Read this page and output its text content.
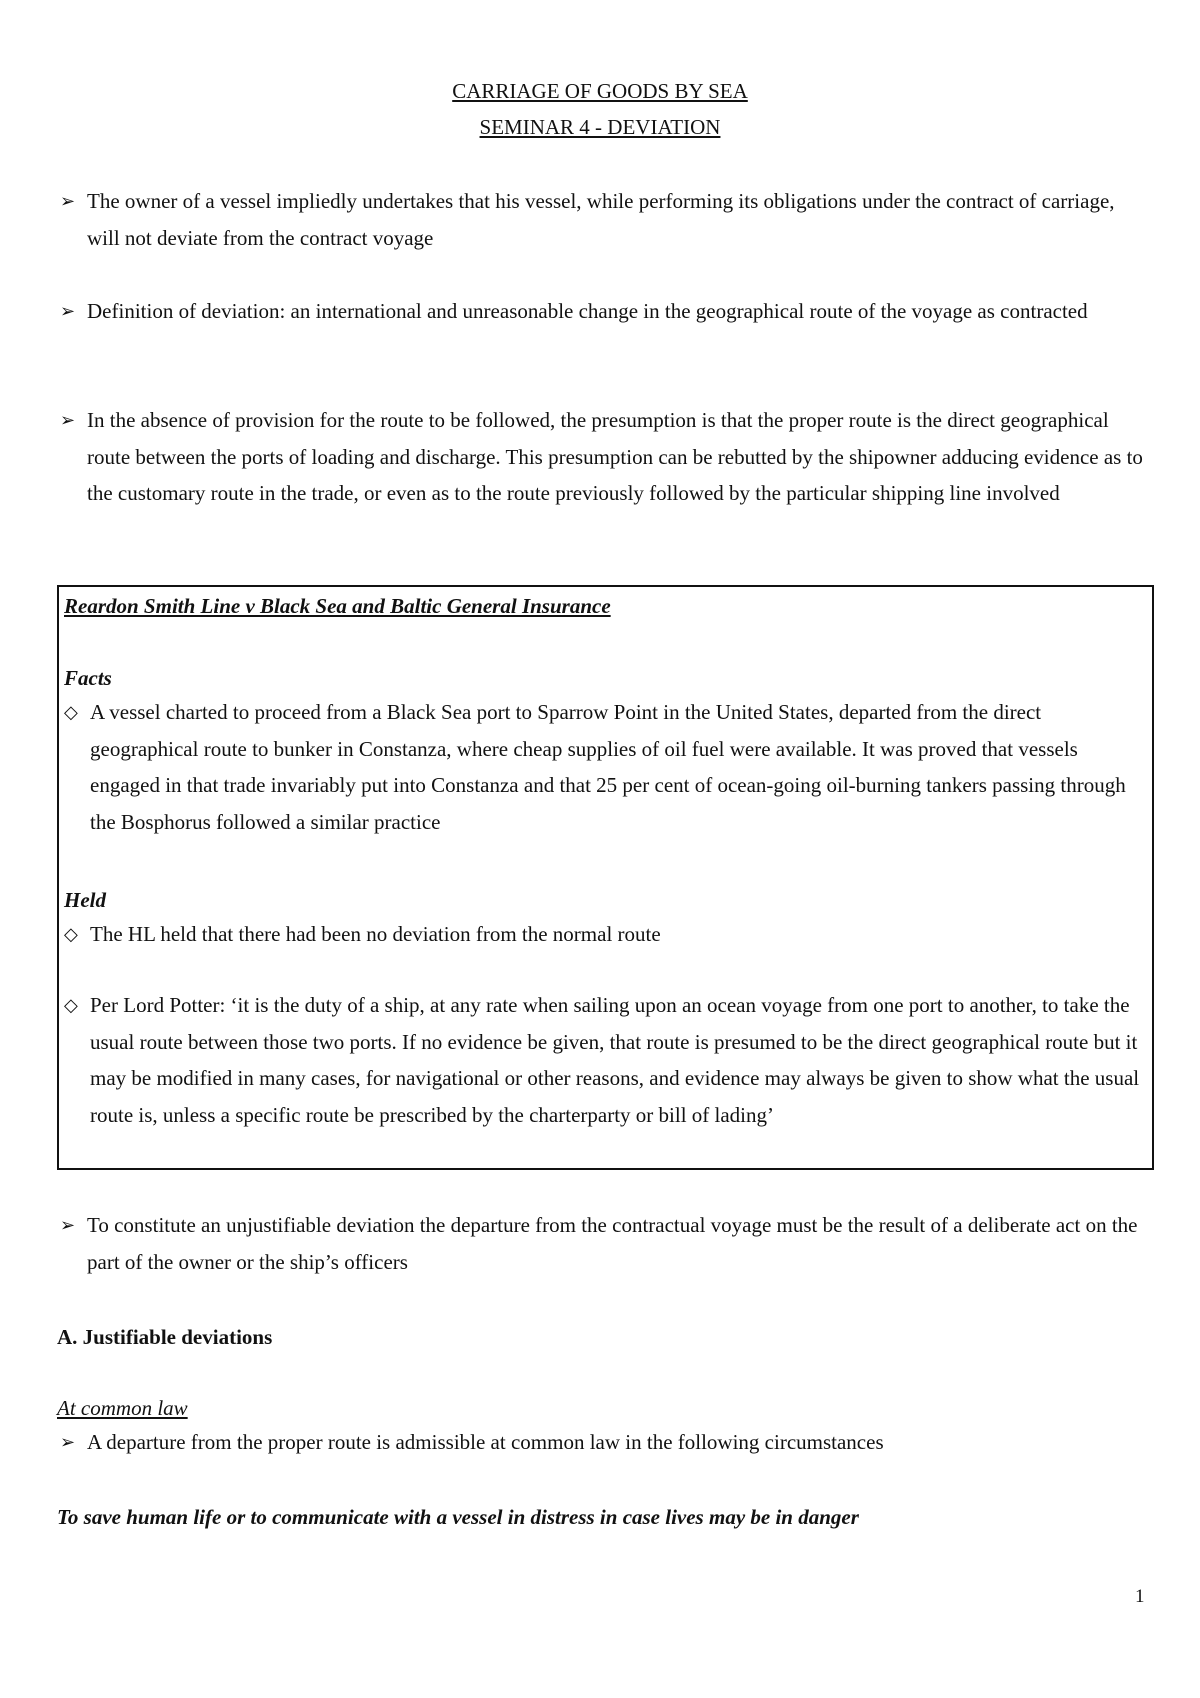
CARRIAGE OF GOODS BY SEA
SEMINAR 4 - DEVIATION
➢ The owner of a vessel impliedly undertakes that his vessel, while performing its obligations under the contract of carriage, will not deviate from the contract voyage
➢ Definition of deviation: an international and unreasonable change in the geographical route of the voyage as contracted
➢ In the absence of provision for the route to be followed, the presumption is that the proper route is the direct geographical route between the ports of loading and discharge. This presumption can be rebutted by the shipowner adducing evidence as to the customary route in the trade, or even as to the route previously followed by the particular shipping line involved
Reardon Smith Line v Black Sea and Baltic General Insurance
Facts
◇ A vessel charted to proceed from a Black Sea port to Sparrow Point in the United States, departed from the direct geographical route to bunker in Constanza, where cheap supplies of oil fuel were available. It was proved that vessels engaged in that trade invariably put into Constanza and that 25 per cent of ocean-going oil-burning tankers passing through the Bosphorus followed a similar practice
Held
◇ The HL held that there had been no deviation from the normal route
◇ Per Lord Potter: ‘it is the duty of a ship, at any rate when sailing upon an ocean voyage from one port to another, to take the usual route between those two ports. If no evidence be given, that route is presumed to be the direct geographical route but it may be modified in many cases, for navigational or other reasons, and evidence may always be given to show what the usual route is, unless a specific route be prescribed by the charterparty or bill of lading’
➢ To constitute an unjustifiable deviation the departure from the contractual voyage must be the result of a deliberate act on the part of the owner or the ship’s officers
A. Justifiable deviations
At common law
➢ A departure from the proper route is admissible at common law in the following circumstances
To save human life or to communicate with a vessel in distress in case lives may be in danger
1
